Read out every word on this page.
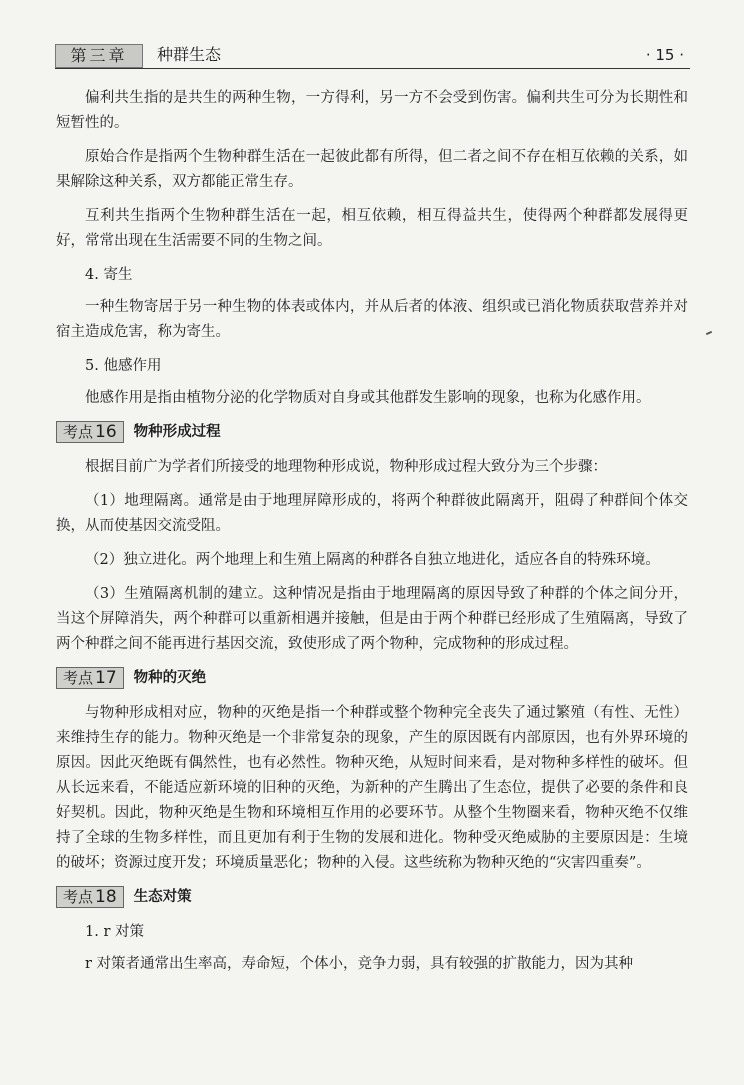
第三章	种群生态	· 15 ·

偏利共生指的是共生的两种生物，一方得利，另一方不会受到伤害。偏利共生可分为长期性和短暂性的。

原始合作是指两个生物种群生活在一起彼此都有所得，但二者之间不存在相互依赖的关系，如果解除这种关系，双方都能正常生存。

互利共生指两个生物种群生活在一起，相互依赖，相互得益共生，使得两个种群都发展得更好，常常出现在生活需要不同的生物之间。

4. 寄生

一种生物寄居于另一种生物的体表或体内，并从后者的体液、组织或已消化物质获取营养并对宿主造成危害，称为寄生。

5. 他感作用

他感作用是指由植物分泌的化学物质对自身或其他群发生影响的现象，也称为化感作用。

考点 16	物种形成过程

根据目前广为学者们所接受的地理物种形成说，物种形成过程大致分为三个步骤：

（1）地理隔离。通常是由于地理屏障形成的，将两个种群彼此隔离开，阻碍了种群间个体交换，从而使基因交流受阻。

（2）独立进化。两个地理上和生殖上隔离的种群各自独立地进化，适应各自的特殊环境。

（3）生殖隔离机制的建立。这种情况是指由于地理隔离的原因导致了种群的个体之间分开，当这个屏障消失，两个种群可以重新相遇并接触，但是由于两个种群已经形成了生殖隔离，导致了两个种群之间不能再进行基因交流，致使形成了两个物种，完成物种的形成过程。

考点 17	物种的灭绝

与物种形成相对应，物种的灭绝是指一个种群或整个物种完全丧失了通过繁殖（有性、无性）来维持生存的能力。物种灭绝是一个非常复杂的现象，产生的原因既有内部原因，也有外界环境的原因。因此灭绝既有偶然性，也有必然性。物种灭绝，从短时间来看，是对物种多样性的破坏。但从长远来看，不能适应新环境的旧种的灭绝，为新种的产生腾出了生态位，提供了必要的条件和良好契机。因此，物种灭绝是生物和环境相互作用的必要环节。从整个生物圈来看，物种灭绝不仅维持了全球的生物多样性，而且更加有利于生物的发展和进化。物种受灭绝威胁的主要原因是：生境的破坏；资源过度开发；环境质量恶化；物种的入侵。这些统称为物种灭绝的“灾害四重奏”。

考点 18	生态对策

1. r 对策

r 对策者通常出生率高，寿命短，个体小，竞争力弱，具有较强的扩散能力，因为其种
